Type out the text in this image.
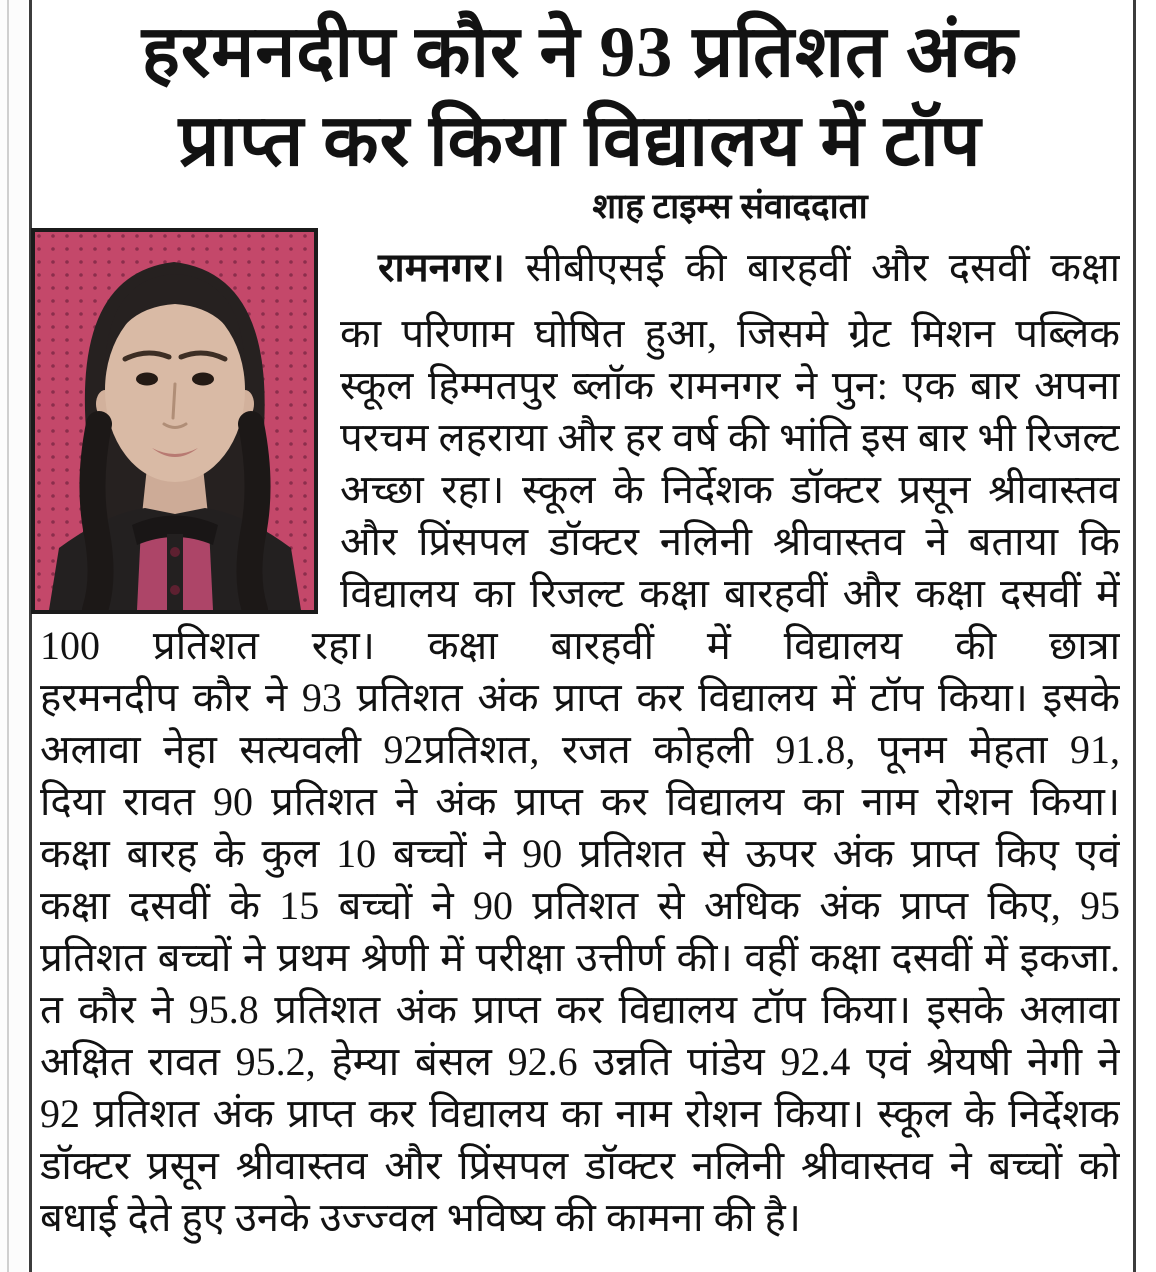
हरमनदीप कौर ने 93 प्रतिशत अंक
प्राप्त कर किया विद्यालय में टॉप
शाह टाइम्स संवाददाता
रामनगर। सीबीएसई की बारहवीं और दसवीं कक्षा
का परिणाम घोषित हुआ, जिसमे ग्रेट मिशन पब्लिक
स्कूल हिम्मतपुर ब्लॉक रामनगर ने पुन: एक बार अपना
परचम लहराया और हर वर्ष की भांति इस बार भी रिजल्ट
अच्छा रहा। स्कूल के निर्देशक डॉक्टर प्रसून श्रीवास्तव
और प्रिंसपल डॉक्टर नलिनी श्रीवास्तव ने बताया कि
विद्यालय का रिजल्ट कक्षा बारहवीं और कक्षा दसवीं में
100 प्रतिशत रहा। कक्षा बारहवीं में विद्यालय की छात्रा
हरमनदीप कौर ने 93 प्रतिशत अंक प्राप्त कर विद्यालय में टॉप किया। इसके
अलावा नेहा सत्यवली 92प्रतिशत, रजत कोहली 91.8, पूनम मेहता 91,
दिया रावत 90 प्रतिशत ने अंक प्राप्त कर विद्यालय का नाम रोशन किया।
कक्षा बारह के कुल 10 बच्चों ने 90 प्रतिशत से ऊपर अंक प्राप्त किए एवं
कक्षा दसवीं के 15 बच्चों ने 90 प्रतिशत से अधिक अंक प्राप्त किए, 95
प्रतिशत बच्चों ने प्रथम श्रेणी में परीक्षा उत्तीर्ण की। वहीं कक्षा दसवीं में इकजा.
त कौर ने 95.8 प्रतिशत अंक प्राप्त कर विद्यालय टॉप किया। इसके अलावा
अक्षित रावत 95.2, हेम्या बंसल 92.6 उन्नति पांडेय 92.4 एवं श्रेयषी नेगी ने
92 प्रतिशत अंक प्राप्त कर विद्यालय का नाम रोशन किया। स्कूल के निर्देशक
डॉक्टर प्रसून श्रीवास्तव और प्रिंसपल डॉक्टर नलिनी श्रीवास्तव ने बच्चों को
बधाई देते हुए उनके उज्ज्वल भविष्य की कामना की है।
